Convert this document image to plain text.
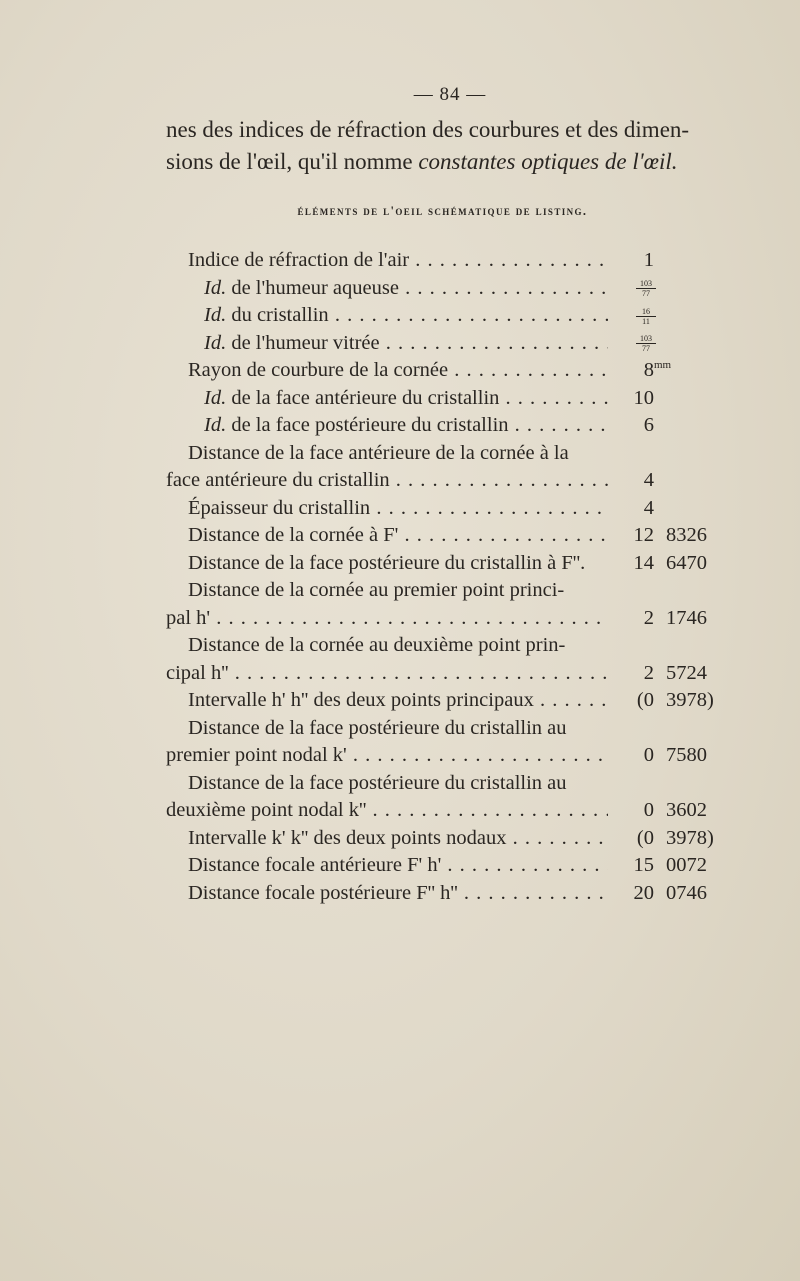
— 84 —
nes des indices de réfraction des courbures et des dimen-
sions de l'œil, qu'il nomme constantes optiques de l'œil.
éléments de l'oeil schématique de listing.
Indice de réfraction de l'air . . .	1
Id. de l'humeur aqueuse . . .	$\frac{103}{77}$
Id. du cristallin . . .	$\frac{16}{11}$
Id. de l'humeur vitrée . . .	$\frac{103}{77}$
Rayon de courbure de la cornée . . .	$8^{mm}$
Id. de la face antérieure du cristallin . . .	10
Id. de la face postérieure du cristallin . . .	6
Distance de la face antérieure de la cornée à la
face antérieure du cristallin . . .	4
Épaisseur du cristallin . . .	4
Distance de la cornée à F' . . .	12 8326
Distance de la face postérieure du cristallin à F''.	14 6470
Distance de la cornée au premier point princi-
pal h' . . .	2 1746
Distance de la cornée au deuxième point prin-
cipal h'' . . .	2 5724
Intervalle h' h'' des deux points principaux . . .	(0 3978)
Distance de la face postérieure du cristallin au
premier point nodal k' . . .	0 7580
Distance de la face postérieure du cristallin au
deuxième point nodal k'' . . .	0 3602
Intervalle k' k'' des deux points nodaux . . .	(0 3978)
Distance focale antérieure F' h' . . .	15 0072
Distance focale postérieure F'' h'' . . .	20 0746
